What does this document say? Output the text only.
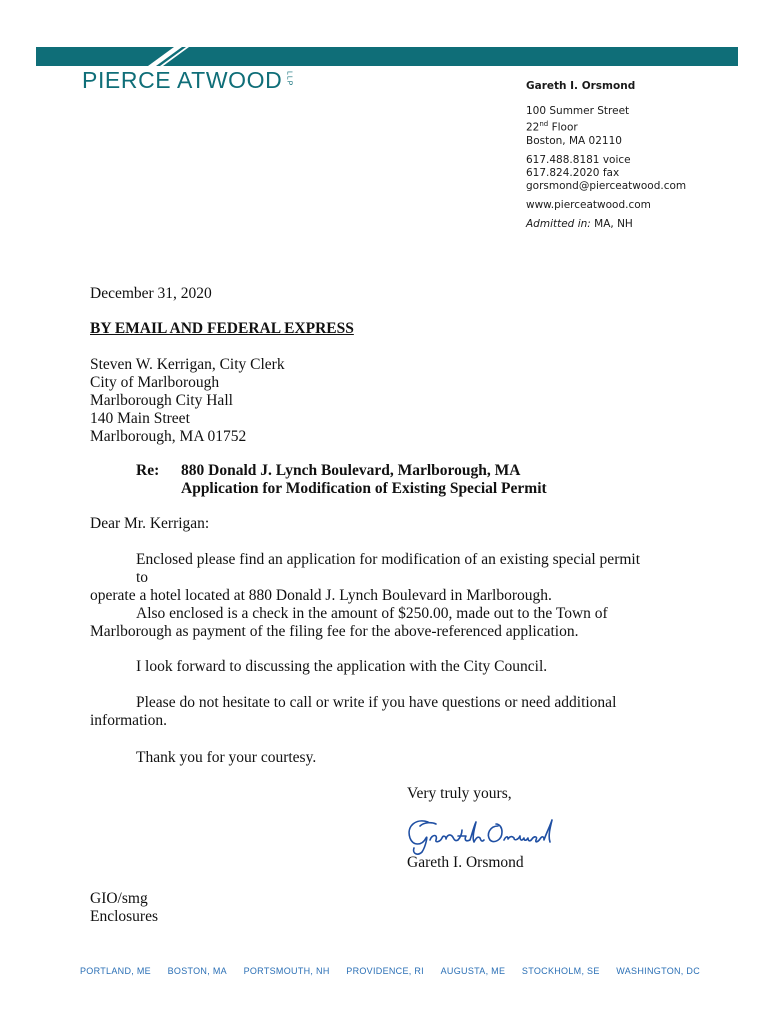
PIERCE ATWOOD LLP	Gareth I. Orsmond
100 Summer Street
22nd Floor
Boston, MA 02110
617.488.8181 voice
617.824.2020 fax
gorsmond@pierceatwood.com
www.pierceatwood.com
Admitted in: MA, NH
December 31, 2020
BY EMAIL AND FEDERAL EXPRESS
Steven W. Kerrigan, City Clerk
City of Marlborough
Marlborough City Hall
140 Main Street
Marlborough, MA 01752
Re: 880 Donald J. Lynch Boulevard, Marlborough, MA
Application for Modification of Existing Special Permit
Dear Mr. Kerrigan:
Enclosed please find an application for modification of an existing special permit to
operate a hotel located at 880 Donald J. Lynch Boulevard in Marlborough.
Also enclosed is a check in the amount of $250.00, made out to the Town of
Marlborough as payment of the filing fee for the above-referenced application.
I look forward to discussing the application with the City Council.
Please do not hesitate to call or write if you have questions or need additional
information.
Thank you for your courtesy.
Very truly yours,
Gareth I. Orsmond
GIO/smg
Enclosures
PORTLAND, ME BOSTON, MA PORTSMOUTH, NH PROVIDENCE, RI AUGUSTA, ME STOCKHOLM, SE WASHINGTON, DC
